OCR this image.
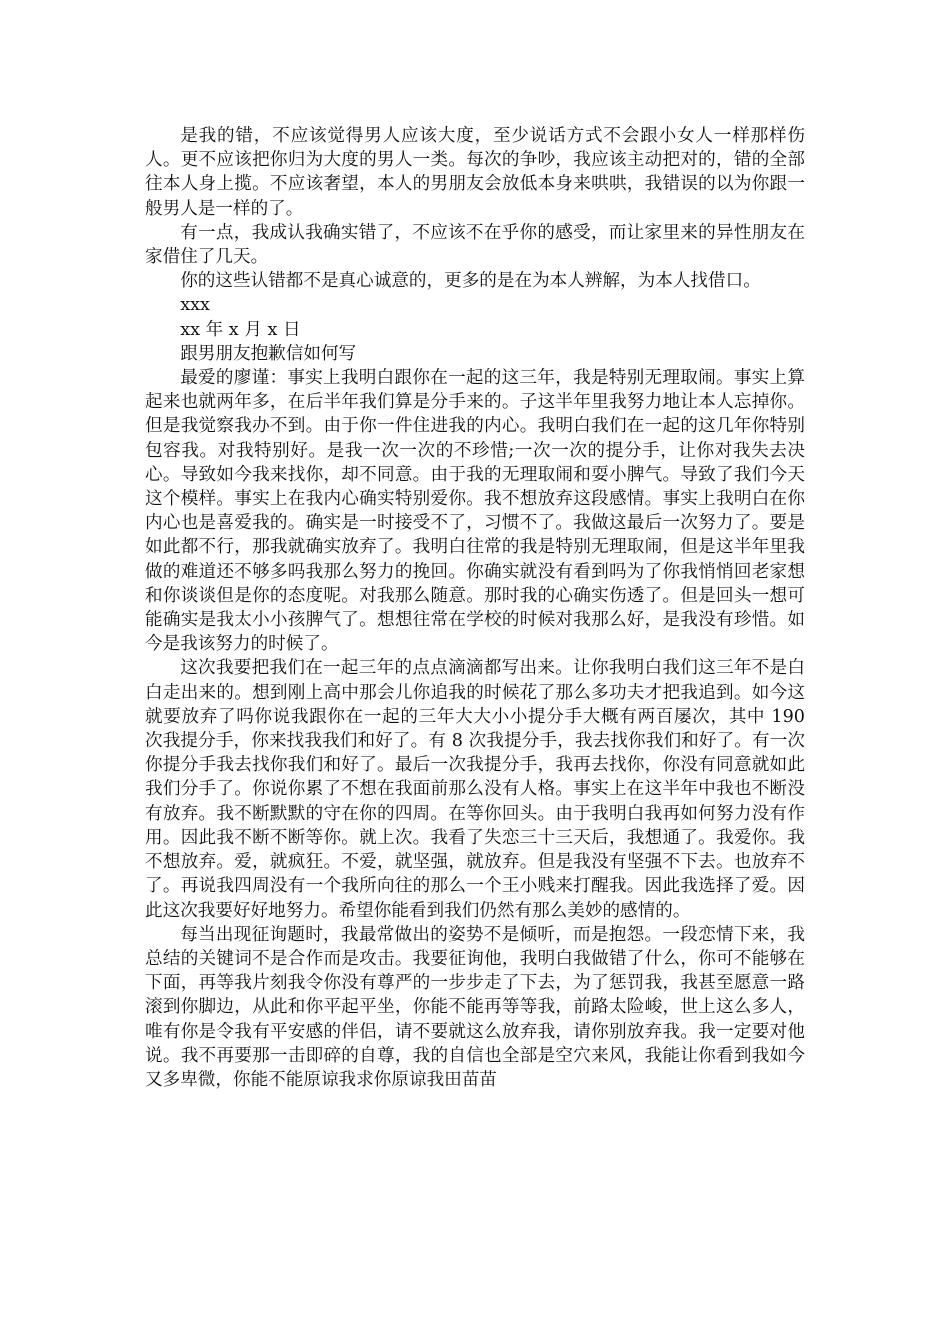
是我的错，不应该觉得男人应该大度，至少说话方式不会跟小女人一样那样伤人。更不应该把你归为大度的男人一类。每次的争吵，我应该主动把对的，错的全部往本人身上揽。不应该奢望，本人的男朋友会放低本身来哄哄，我错误的以为你跟一般男人是一样的了。

有一点，我成认我确实错了，不应该不在乎你的感受，而让家里来的异性朋友在家借住了几天。

你的这些认错都不是真心诚意的，更多的是在为本人辨解，为本人找借口。

xxx

xx 年 x 月 x 日

跟男朋友抱歉信如何写

最爱的廖谨：事实上我明白跟你在一起的这三年，我是特别无理取闹。事实上算起来也就两年多，在后半年我们算是分手来的。子这半年里我努力地让本人忘掉你。但是我觉察我办不到。由于你一件住进我的内心。我明白我们在一起的这几年你特别包容我。对我特别好。是我一次一次的不珍惜;一次一次的提分手，让你对我失去决心。导致如今我来找你，却不同意。由于我的无理取闹和耍小脾气。导致了我们今天这个模样。事实上在我内心确实特别爱你。我不想放弃这段感情。事实上我明白在你内心也是喜爱我的。确实是一时接受不了，习惯不了。我做这最后一次努力了。要是如此都不行，那我就确实放弃了。我明白往常的我是特别无理取闹，但是这半年里我做的难道还不够多吗我那么努力的挽回。你确实就没有看到吗为了你我悄悄回老家想和你谈谈但是你的态度呢。对我那么随意。那时我的心确实伤透了。但是回头一想可能确实是我太小小孩脾气了。想想往常在学校的时候对我那么好，是我没有珍惜。如今是我该努力的时候了。

这次我要把我们在一起三年的点点滴滴都写出来。让你我明白我们这三年不是白白走出来的。想到刚上高中那会儿你追我的时候花了那么多功夫才把我追到。如今这就要放弃了吗你说我跟你在一起的三年大大小小提分手大概有两百屡次，其中 190 次我提分手，你来找我我们和好了。有 8 次我提分手，我去找你我们和好了。有一次你提分手我去找你我们和好了。最后一次我提分手，我再去找你，你没有同意就如此我们分手了。你说你累了不想在我面前那么没有人格。事实上在这半年中我也不断没有放弃。我不断默默的守在你的四周。在等你回头。由于我明白我再如何努力没有作用。因此我不断不断等你。就上次。我看了失恋三十三天后，我想通了。我爱你。我不想放弃。爱，就疯狂。不爱，就坚强，就放弃。但是我没有坚强不下去。也放弃不了。再说我四周没有一个我所向往的那么一个王小贱来打醒我。因此我选择了爱。因此这次我要好好地努力。希望你能看到我们仍然有那么美妙的感情的。

每当出现征询题时，我最常做出的姿势不是倾听，而是抱怨。一段恋情下来，我总结的关键词不是合作而是攻击。我要征询他，我明白我做错了什么，你可不能够在下面，再等我片刻我令你没有尊严的一步步走了下去，为了惩罚我，我甚至愿意一路滚到你脚边，从此和你平起平坐，你能不能再等等我，前路太险峻，世上这么多人，唯有你是令我有平安感的伴侣，请不要就这么放弃我，请你别放弃我。我一定要对他说。我不再要那一击即碎的自尊，我的自信也全部是空穴来风，我能让你看到我如今又多卑微，你能不能原谅我求你原谅我田苗苗
